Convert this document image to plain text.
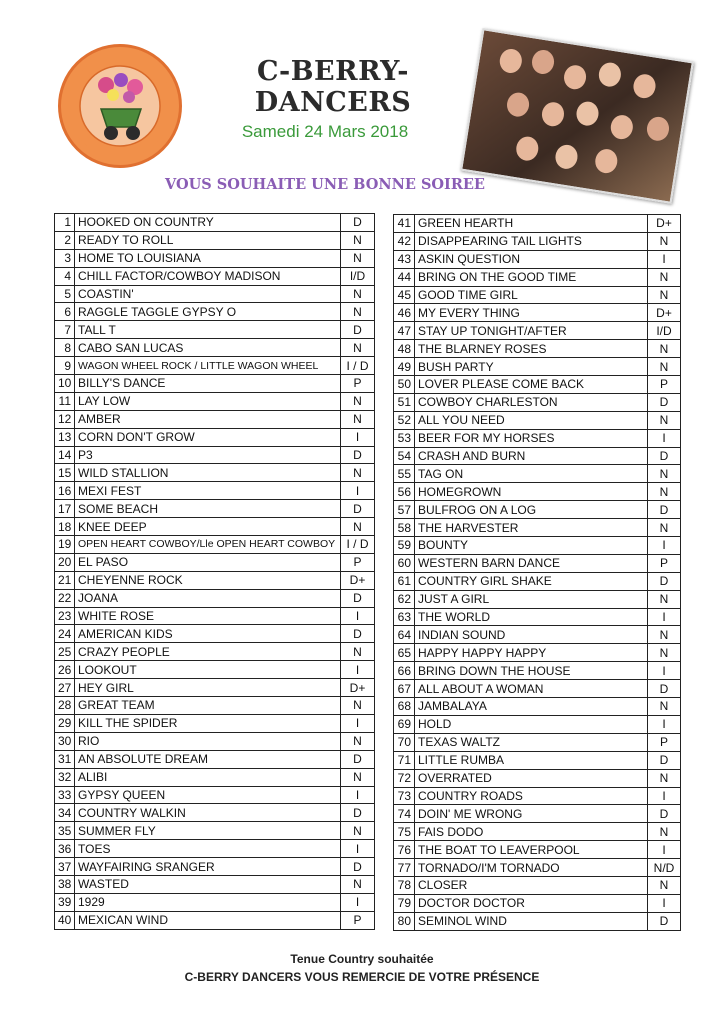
C-BERRY-DANCERS
Samedi 24 Mars 2018
VOUS SOUHAITE UNE BONNE SOIREE
1	HOOKED ON COUNTRY	D
2	READY TO ROLL	N
3	HOME TO LOUISIANA	N
4	CHILL FACTOR/COWBOY MADISON	I/D
5	COASTIN'	N
6	RAGGLE TAGGLE GYPSY O	N
7	TALL T	D
8	CABO SAN LUCAS	N
9	WAGON WHEEL ROCK / LITTLE WAGON WHEEL	I / D
10	BILLY'S DANCE	P
11	LAY LOW	N
12	AMBER	N
13	CORN DON'T GROW	I
14	P3	D
15	WILD STALLION	N
16	MEXI FEST	I
17	SOME BEACH	D
18	KNEE DEEP	N
19	OPEN HEART COWBOY/Lle OPEN HEART COWBOY	I / D
20	EL PASO	P
21	CHEYENNE ROCK	D+
22	JOANA	D
23	WHITE ROSE	I
24	AMERICAN KIDS	D
25	CRAZY PEOPLE	N
26	LOOKOUT	I
27	HEY GIRL	D+
28	GREAT TEAM	N
29	KILL THE SPIDER	I
30	RIO	N
31	AN ABSOLUTE DREAM	D
32	ALIBI	N
33	GYPSY QUEEN	I
34	COUNTRY WALKIN	D
35	SUMMER FLY	N
36	TOES	I
37	WAYFAIRING SRANGER	D
38	WASTED	N
39	1929	I
40	MEXICAN WIND	P
41	GREEN HEARTH	D+
42	DISAPPEARING TAIL LIGHTS	N
43	ASKIN QUESTION	I
44	BRING ON THE GOOD TIME	N
45	GOOD TIME GIRL	N
46	MY EVERY THING	D+
47	STAY UP TONIGHT/AFTER	I/D
48	THE BLARNEY ROSES	N
49	BUSH PARTY	N
50	LOVER PLEASE COME BACK	P
51	COWBOY CHARLESTON	D
52	ALL YOU NEED	N
53	BEER FOR MY HORSES	I
54	CRASH AND BURN	D
55	TAG ON	N
56	HOMEGROWN	N
57	BULFROG ON A LOG	D
58	THE HARVESTER	N
59	BOUNTY	I
60	WESTERN BARN DANCE	P
61	COUNTRY GIRL SHAKE	D
62	JUST A GIRL	N
63	THE WORLD	I
64	INDIAN SOUND	N
65	HAPPY HAPPY HAPPY	N
66	BRING DOWN THE HOUSE	I
67	ALL ABOUT A WOMAN	D
68	JAMBALAYA	N
69	HOLD	I
70	TEXAS WALTZ	P
71	LITTLE RUMBA	D
72	OVERRATED	N
73	COUNTRY ROADS	I
74	DOIN' ME WRONG	D
75	FAIS DODO	N
76	THE BOAT TO LEAVERPOOL	I
77	TORNADO/I'M TORNADO	N/D
78	CLOSER	N
79	DOCTOR DOCTOR	I
80	SEMINOL WIND	D
Tenue Country souhaitée
C-BERRY DANCERS VOUS REMERCIE DE VOTRE PRÉSENCE
